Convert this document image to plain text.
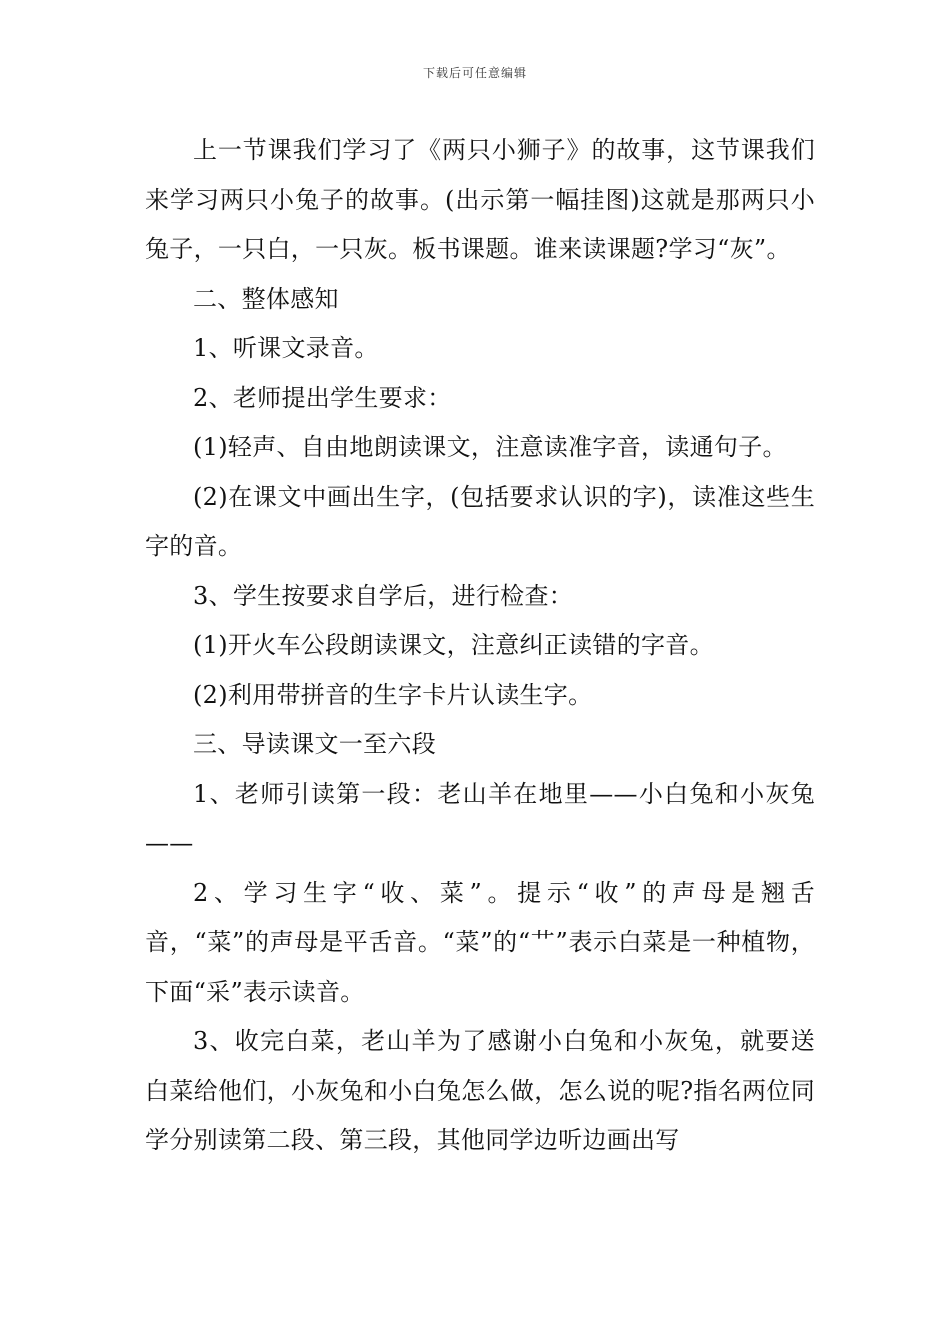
下载后可任意编辑

上一节课我们学习了《两只小狮子》的故事，这节课我们来学习两只小兔子的故事。(出示第一幅挂图)这就是那两只小兔子，一只白，一只灰。板书课题。谁来读课题?学习“灰”。

二、整体感知

1、听课文录音。

2、老师提出学生要求：

(1)轻声、自由地朗读课文，注意读准字音，读通句子。

(2)在课文中画出生字，(包括要求认识的字)，读准这些生字的音。

3、学生按要求自学后，进行检查：

(1)开火车公段朗读课文，注意纠正读错的字音。

(2)利用带拼音的生字卡片认读生字。

三、导读课文一至六段

1、老师引读第一段：老山羊在地里——小白兔和小灰兔——

2、学习生字“收、菜”。提示“收”的声母是翘舌音，“菜”的声母是平舌音。“菜”的“艹”表示白菜是一种植物，下面“采”表示读音。

3、收完白菜，老山羊为了感谢小白兔和小灰兔，就要送白菜给他们，小灰兔和小白兔怎么做，怎么说的呢?指名两位同学分别读第二段、第三段，其他同学边听边画出写
